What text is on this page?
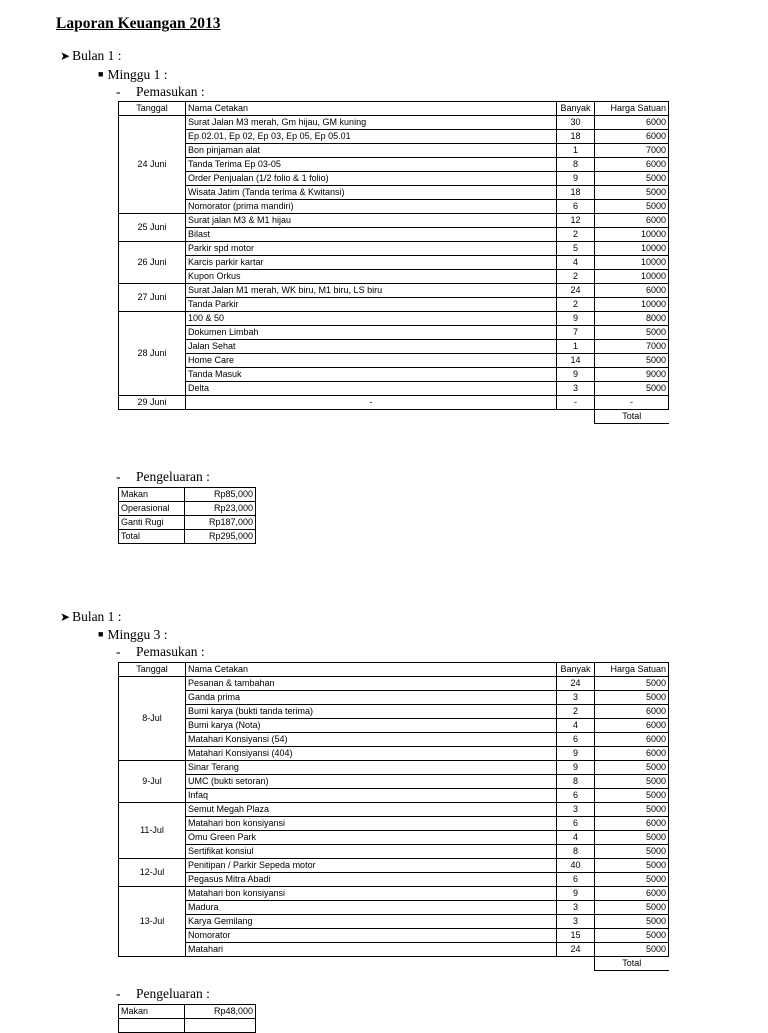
Laporan Keuangan 2013
➤ Bulan 1 :
■ Minggu 1 :
- Pemasukan :
Tanggal	Nama Cetakan	Banyak	Harga Satuan
24 Juni	Surat Jalan M3 merah, Gm hijau, GM kuning	30	6000
	Ep 02.01, Ep 02, Ep 03, Ep 05, Ep 05.01	18	6000
	Bon pinjaman alat	1	7000
	Tanda Terima Ep 03-05	8	6000
	Order Penjualan (1/2 folio & 1 folio)	9	5000
	Wisata Jatim (Tanda terima & Kwitansi)	18	5000
	Nomorator (prima mandiri)	6	5000
25 Juni	Surat jalan M3 & M1 hijau	12	6000
	Bilast	2	10000
26 Juni	Parkir spd motor	5	10000
	Karcis parkir kartar	4	10000
	Kupon Orkus	2	10000
27 Juni	Surat Jalan M1 merah, WK biru, M1 biru, LS biru	24	6000
	Tanda Parkir	2	10000
28 Juni	100 & 50	9	8000
	Dokumen Limbah	7	5000
	Jalan Sehat	1	7000
	Home Care	14	5000
	Tanda Masuk	9	9000
	Delta	3	5000
29 Juni	-	-	-
			Total
- Pengeluaran :
Makan	Rp85,000
Operasional	Rp23,000
Ganti Rugi	Rp187,000
Total	Rp295,000
➤ Bulan 1 :
■ Minggu 3 :
- Pemasukan :
Tanggal	Nama Cetakan	Banyak	Harga Satuan
8-Jul	Pesanan & tambahan	24	5000
	Ganda prima	3	5000
	Bumi karya (bukti tanda terima)	2	6000
	Bumi karya (Nota)	4	6000
	Matahari Konsiyansi (54)	6	6000
	Matahari Konsiyansi (404)	9	6000
9-Jul	Sinar Terang	9	5000
	UMC (bukti setoran)	8	5000
	Infaq	6	5000
11-Jul	Semut Megah Plaza	3	5000
	Matahari bon konsiyansi	6	6000
	Omu Green Park	4	5000
	Sertifikat konsiul	8	5000
12-Jul	Penitipan / Parkir Sepeda motor	40	5000
	Pegasus Mitra Abadi	6	5000
13-Jul	Matahari bon konsiyansi	9	6000
	Madura	3	5000
	Karya Gemilang	3	5000
	Nomorator	15	5000
	Matahari	24	5000
			Total
- Pengeluaran :
Makan	Rp48,000
